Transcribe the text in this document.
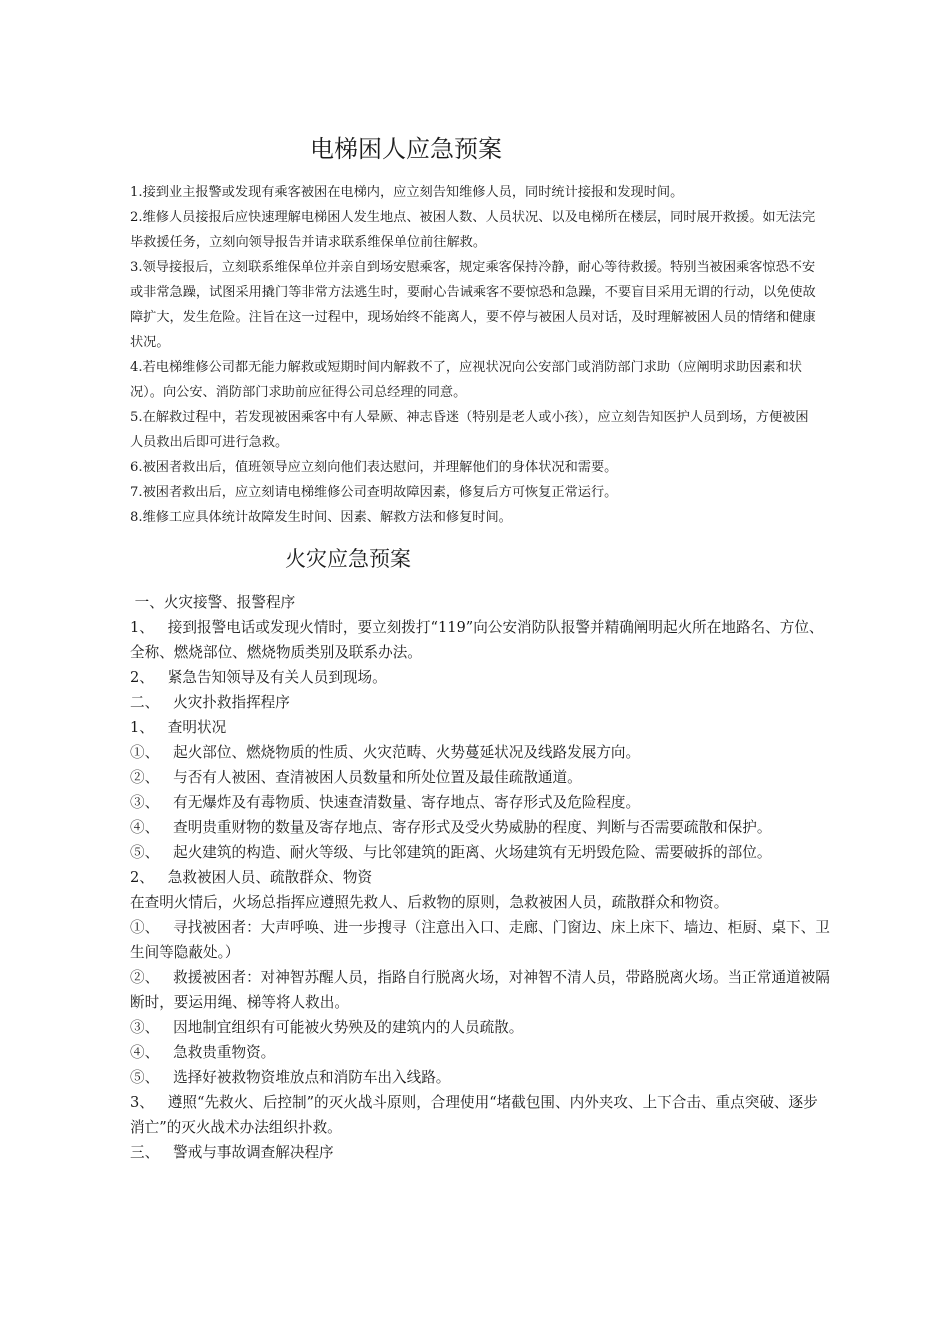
电梯困人应急预案

1.接到业主报警或发现有乘客被困在电梯内，应立刻告知维修人员，同时统计接报和发现时间。

2.维修人员接报后应快速理解电梯困人发生地点、被困人数、人员状况、以及电梯所在楼层，同时展开救援。如无法完毕救援任务，立刻向领导报告并请求联系维保单位前往解救。

3.领导接报后，立刻联系维保单位并亲自到场安慰乘客，规定乘客保持冷静，耐心等待救援。特别当被困乘客惊恐不安或非常急躁，试图采用撬门等非常方法逃生时，要耐心告诫乘客不要惊恐和急躁，不要盲目采用无谓的行动，以免使故障扩大，发生危险。注旨在这一过程中，现场始终不能离人，要不停与被困人员对话，及时理解被困人员的情绪和健康状况。

4.若电梯维修公司都无能力解救或短期时间内解救不了，应视状况向公安部门或消防部门求助（应阐明求助因素和状况）。向公安、消防部门求助前应征得公司总经理的同意。

5.在解救过程中，若发现被困乘客中有人晕厥、神志昏迷（特别是老人或小孩），应立刻告知医护人员到场，方便被困人员救出后即可进行急救。

6.被困者救出后，值班领导应立刻向他们表达慰问，并理解他们的身体状况和需要。

7.被困者救出后，应立刻请电梯维修公司查明故障因素，修复后方可恢复正常运行。

8.维修工应具体统计故障发生时间、因素、解救方法和修复时间。

火灾应急预案

一、火灾接警、报警程序

1、   接到报警电话或发现火情时，要立刻拨打“119”向公安消防队报警并精确阐明起火所在地路名、方位、全称、燃烧部位、燃烧物质类别及联系办法。

2、   紧急告知领导及有关人员到现场。

二、   火灾扑救指挥程序

1、   查明状况

①、   起火部位、燃烧物质的性质、火灾范畴、火势蔓延状况及线路发展方向。

②、   与否有人被困、查清被困人员数量和所处位置及最佳疏散通道。

③、   有无爆炸及有毒物质、快速查清数量、寄存地点、寄存形式及危险程度。

④、   查明贵重财物的数量及寄存地点、寄存形式及受火势威胁的程度、判断与否需要疏散和保护。

⑤、   起火建筑的构造、耐火等级、与比邻建筑的距离、火场建筑有无坍毁危险、需要破拆的部位。

2、   急救被困人员、疏散群众、物资

在查明火情后，火场总指挥应遵照先救人、后救物的原则，急救被困人员，疏散群众和物资。

①、   寻找被困者：大声呼唤、进一步搜寻（注意出入口、走廊、门窗边、床上床下、墙边、柜厨、桌下、卫生间等隐蔽处。）

②、   救援被困者：对神智苏醒人员，指路自行脱离火场，对神智不清人员，带路脱离火场。当正常通道被隔断时，要运用绳、梯等将人救出。

③、   因地制宜组织有可能被火势殃及的建筑内的人员疏散。

④、   急救贵重物资。

⑤、   选择好被救物资堆放点和消防车出入线路。

3、   遵照“先救火、后控制”的灭火战斗原则，合理使用“堵截包围、内外夹攻、上下合击、重点突破、逐步消亡”的灭火战术办法组织扑救。

三、   警戒与事故调查解决程序
